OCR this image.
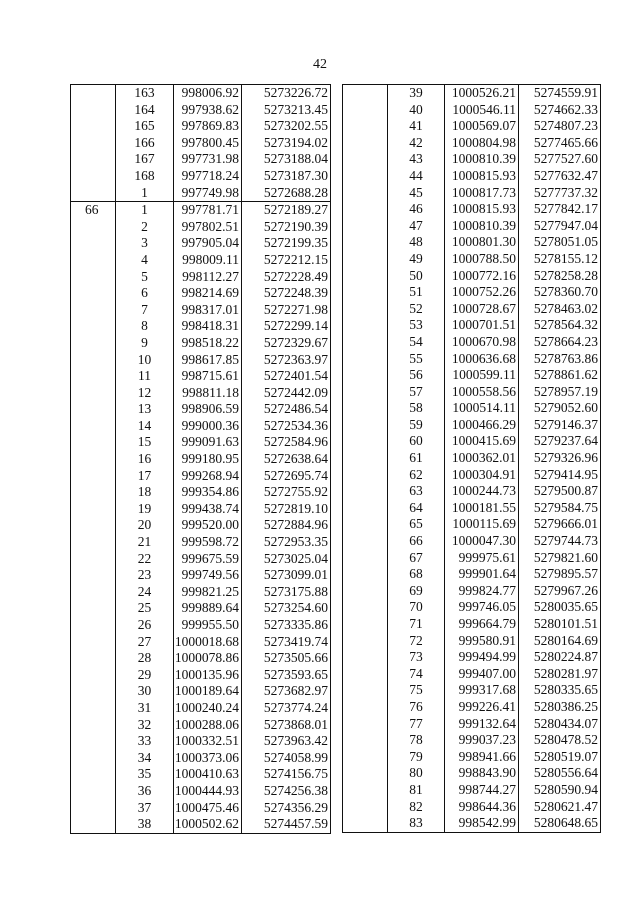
42
	163	998006.92	5273226.72
	164	997938.62	5273213.45
	165	997869.83	5273202.55
	166	997800.45	5273194.02
	167	997731.98	5273188.04
	168	997718.24	5273187.30
	1	997749.98	5272688.28
66	1	997781.71	5272189.27
	2	997802.51	5272190.39
	3	997905.04	5272199.35
	4	998009.11	5272212.15
	5	998112.27	5272228.49
	6	998214.69	5272248.39
	7	998317.01	5272271.98
	8	998418.31	5272299.14
	9	998518.22	5272329.67
	10	998617.85	5272363.97
	11	998715.61	5272401.54
	12	998811.18	5272442.09
	13	998906.59	5272486.54
	14	999000.36	5272534.36
	15	999091.63	5272584.96
	16	999180.95	5272638.64
	17	999268.94	5272695.74
	18	999354.86	5272755.92
	19	999438.74	5272819.10
	20	999520.00	5272884.96
	21	999598.72	5272953.35
	22	999675.59	5273025.04
	23	999749.56	5273099.01
	24	999821.25	5273175.88
	25	999889.64	5273254.60
	26	999955.50	5273335.86
	27	1000018.68	5273419.74
	28	1000078.86	5273505.66
	29	1000135.96	5273593.65
	30	1000189.64	5273682.97
	31	1000240.24	5273774.24
	32	1000288.06	5273868.01
	33	1000332.51	5273963.42
	34	1000373.06	5274058.99
	35	1000410.63	5274156.75
	36	1000444.93	5274256.38
	37	1000475.46	5274356.29
	38	1000502.62	5274457.59
	39	1000526.21	5274559.91
	40	1000546.11	5274662.33
	41	1000569.07	5274807.23
	42	1000804.98	5277465.66
	43	1000810.39	5277527.60
	44	1000815.93	5277632.47
	45	1000817.73	5277737.32
	46	1000815.93	5277842.17
	47	1000810.39	5277947.04
	48	1000801.30	5278051.05
	49	1000788.50	5278155.12
	50	1000772.16	5278258.28
	51	1000752.26	5278360.70
	52	1000728.67	5278463.02
	53	1000701.51	5278564.32
	54	1000670.98	5278664.23
	55	1000636.68	5278763.86
	56	1000599.11	5278861.62
	57	1000558.56	5278957.19
	58	1000514.11	5279052.60
	59	1000466.29	5279146.37
	60	1000415.69	5279237.64
	61	1000362.01	5279326.96
	62	1000304.91	5279414.95
	63	1000244.73	5279500.87
	64	1000181.55	5279584.75
	65	1000115.69	5279666.01
	66	1000047.30	5279744.73
	67	999975.61	5279821.60
	68	999901.64	5279895.57
	69	999824.77	5279967.26
	70	999746.05	5280035.65
	71	999664.79	5280101.51
	72	999580.91	5280164.69
	73	999494.99	5280224.87
	74	999407.00	5280281.97
	75	999317.68	5280335.65
	76	999226.41	5280386.25
	77	999132.64	5280434.07
	78	999037.23	5280478.52
	79	998941.66	5280519.07
	80	998843.90	5280556.64
	81	998744.27	5280590.94
	82	998644.36	5280621.47
	83	998542.99	5280648.65
